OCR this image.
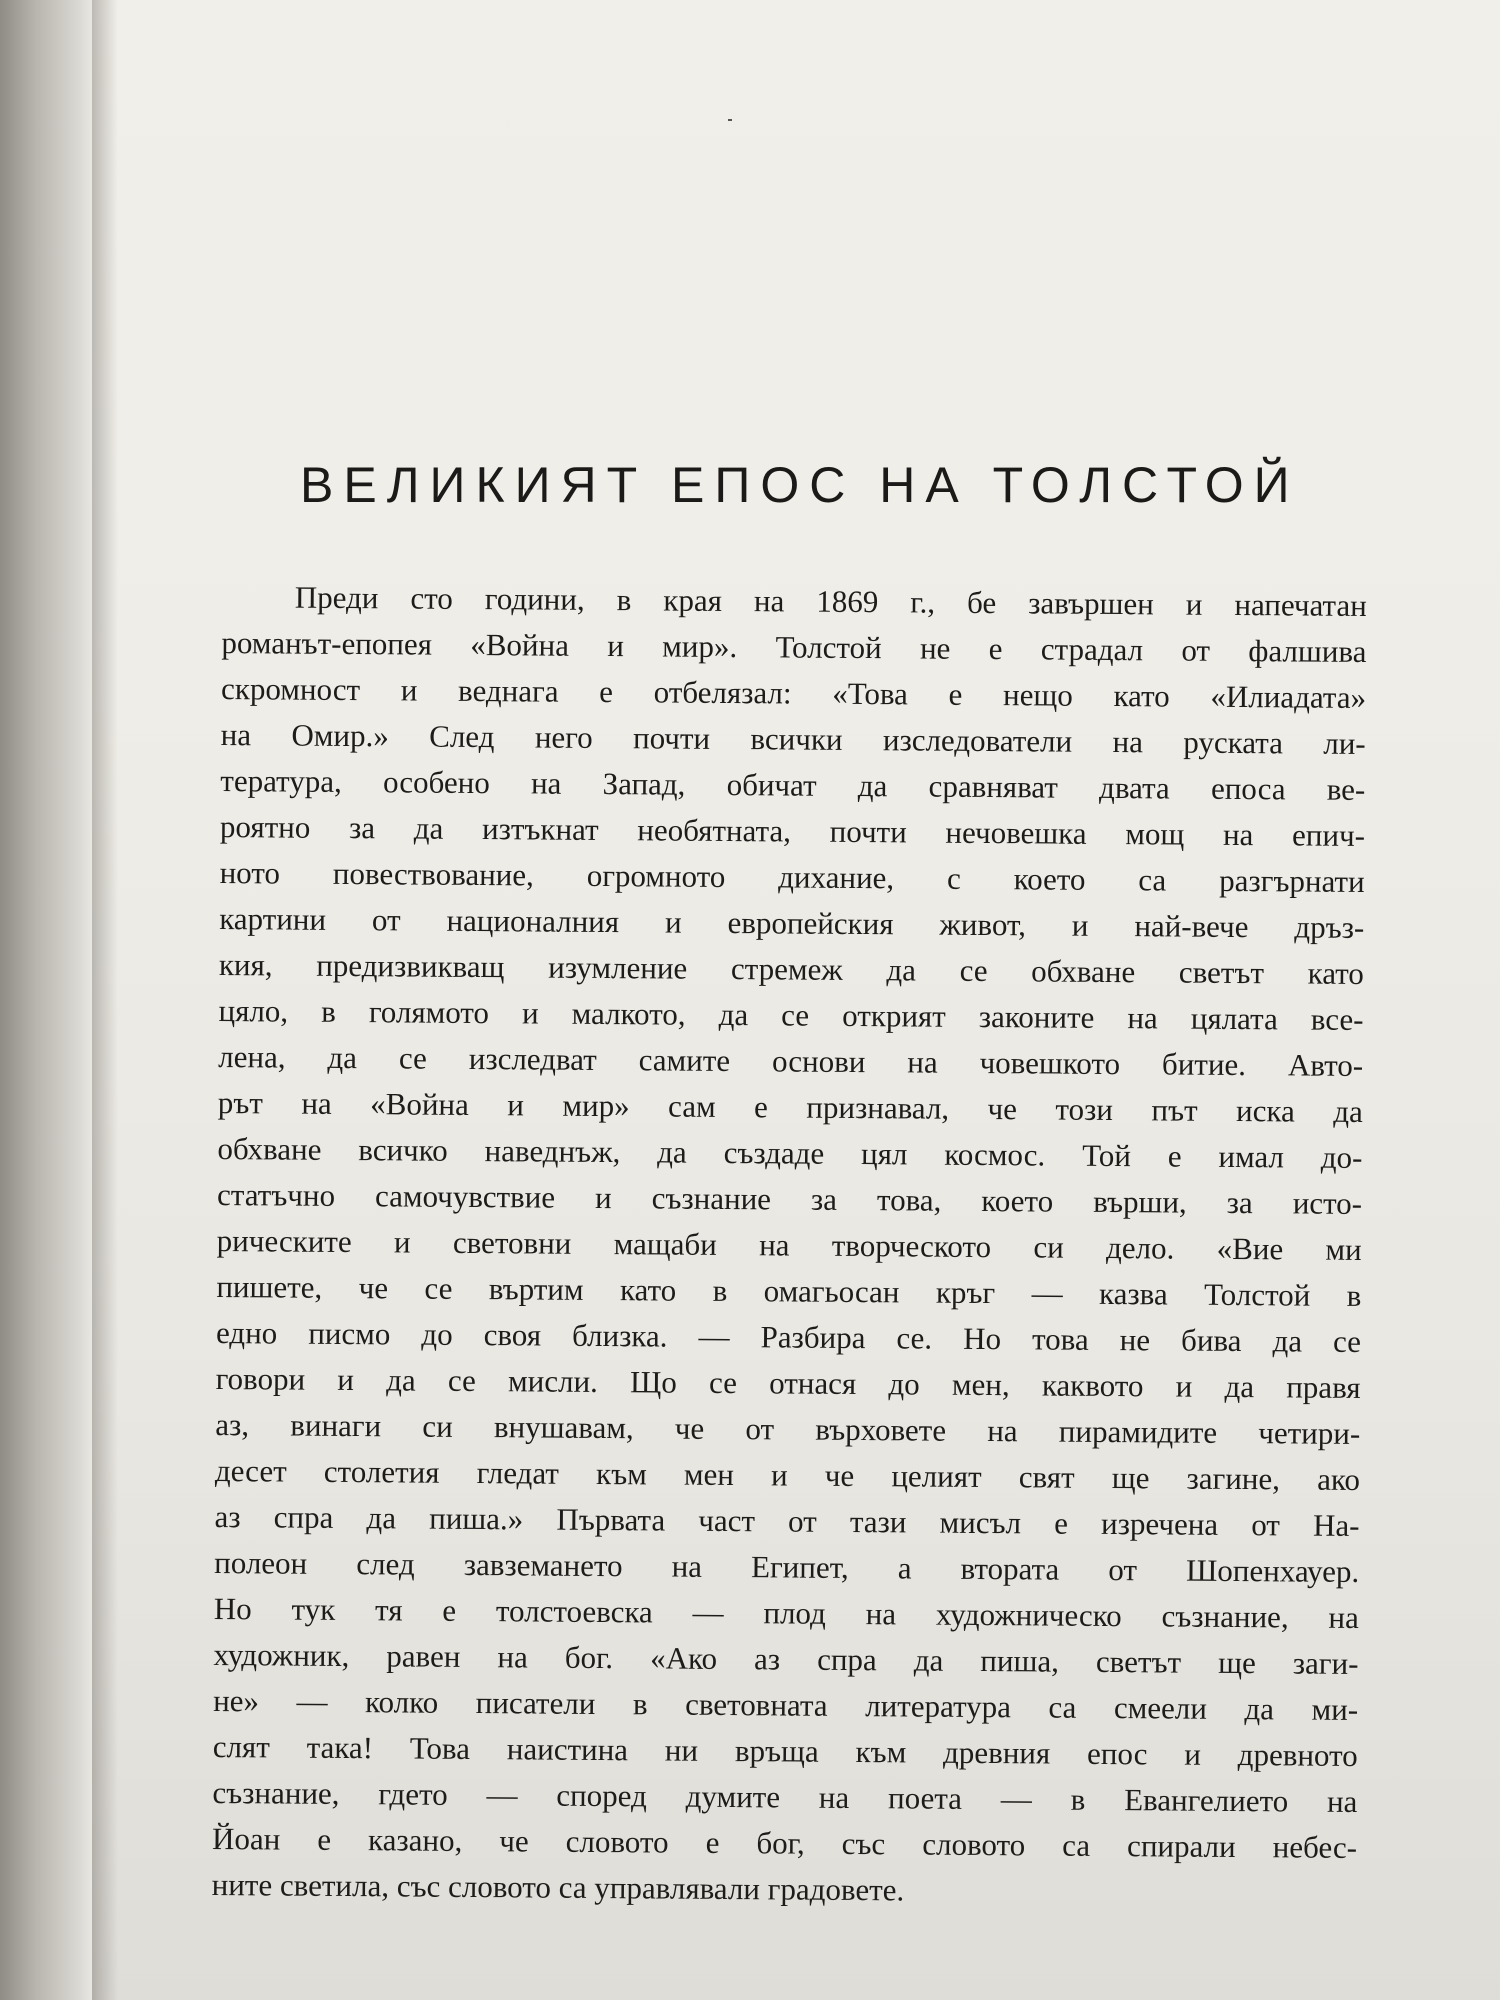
ВЕЛИКИЯТ ЕПОС НА ТОЛСТОЙ
Преди сто години, в края на 1869 г., бе завършен и напечатан
романът-епопея «Война и мир». Толстой не е страдал от фалшива
скромност и веднага е отбелязал: «Това е нещо като «Илиадата»
на Омир.» След него почти всички изследователи на руската ли-
тература, особено на Запад, обичат да сравняват двата епоса ве-
роятно за да изтъкнат необятната, почти нечовешка мощ на епич-
ното повествование, огромното дихание, с което са разгърнати
картини от националния и европейския живот, и най-вече дръз-
кия, предизвикващ изумление стремеж да се обхване светът като
цяло, в голямото и малкото, да се открият законите на цялата все-
лена, да се изследват самите основи на човешкото битие. Авто-
рът на «Война и мир» сам е признавал, че този път иска да
обхване всичко наведнъж, да създаде цял космос. Той е имал до-
статъчно самочувствие и съзнание за това, което върши, за исто-
рическите и световни мащаби на творческото си дело. «Вие ми
пишете, че се въртим като в омагьосан кръг — казва Толстой в
едно писмо до своя близка. — Разбира се. Но това не бива да се
говори и да се мисли. Що се отнася до мен, каквото и да правя
аз, винаги си внушавам, че от върховете на пирамидите четири-
десет столетия гледат към мен и че целият свят ще загине, ако
аз спра да пиша.» Първата част от тази мисъл е изречена от На-
полеон след завземането на Египет, а втората от Шопенхауер.
Но тук тя е толстоевска — плод на художническо съзнание, на
художник, равен на бог. «Ако аз спра да пиша, светът ще заги-
не» — колко писатели в световната литература са смеели да ми-
слят така! Това наистина ни връща към древния епос и древното
съзнание, гдето — според думите на поета — в Евангелието на
Йоан е казано, че словото е бог, със словото са спирали небес-
ните светила, със словото са управлявали градовете.
